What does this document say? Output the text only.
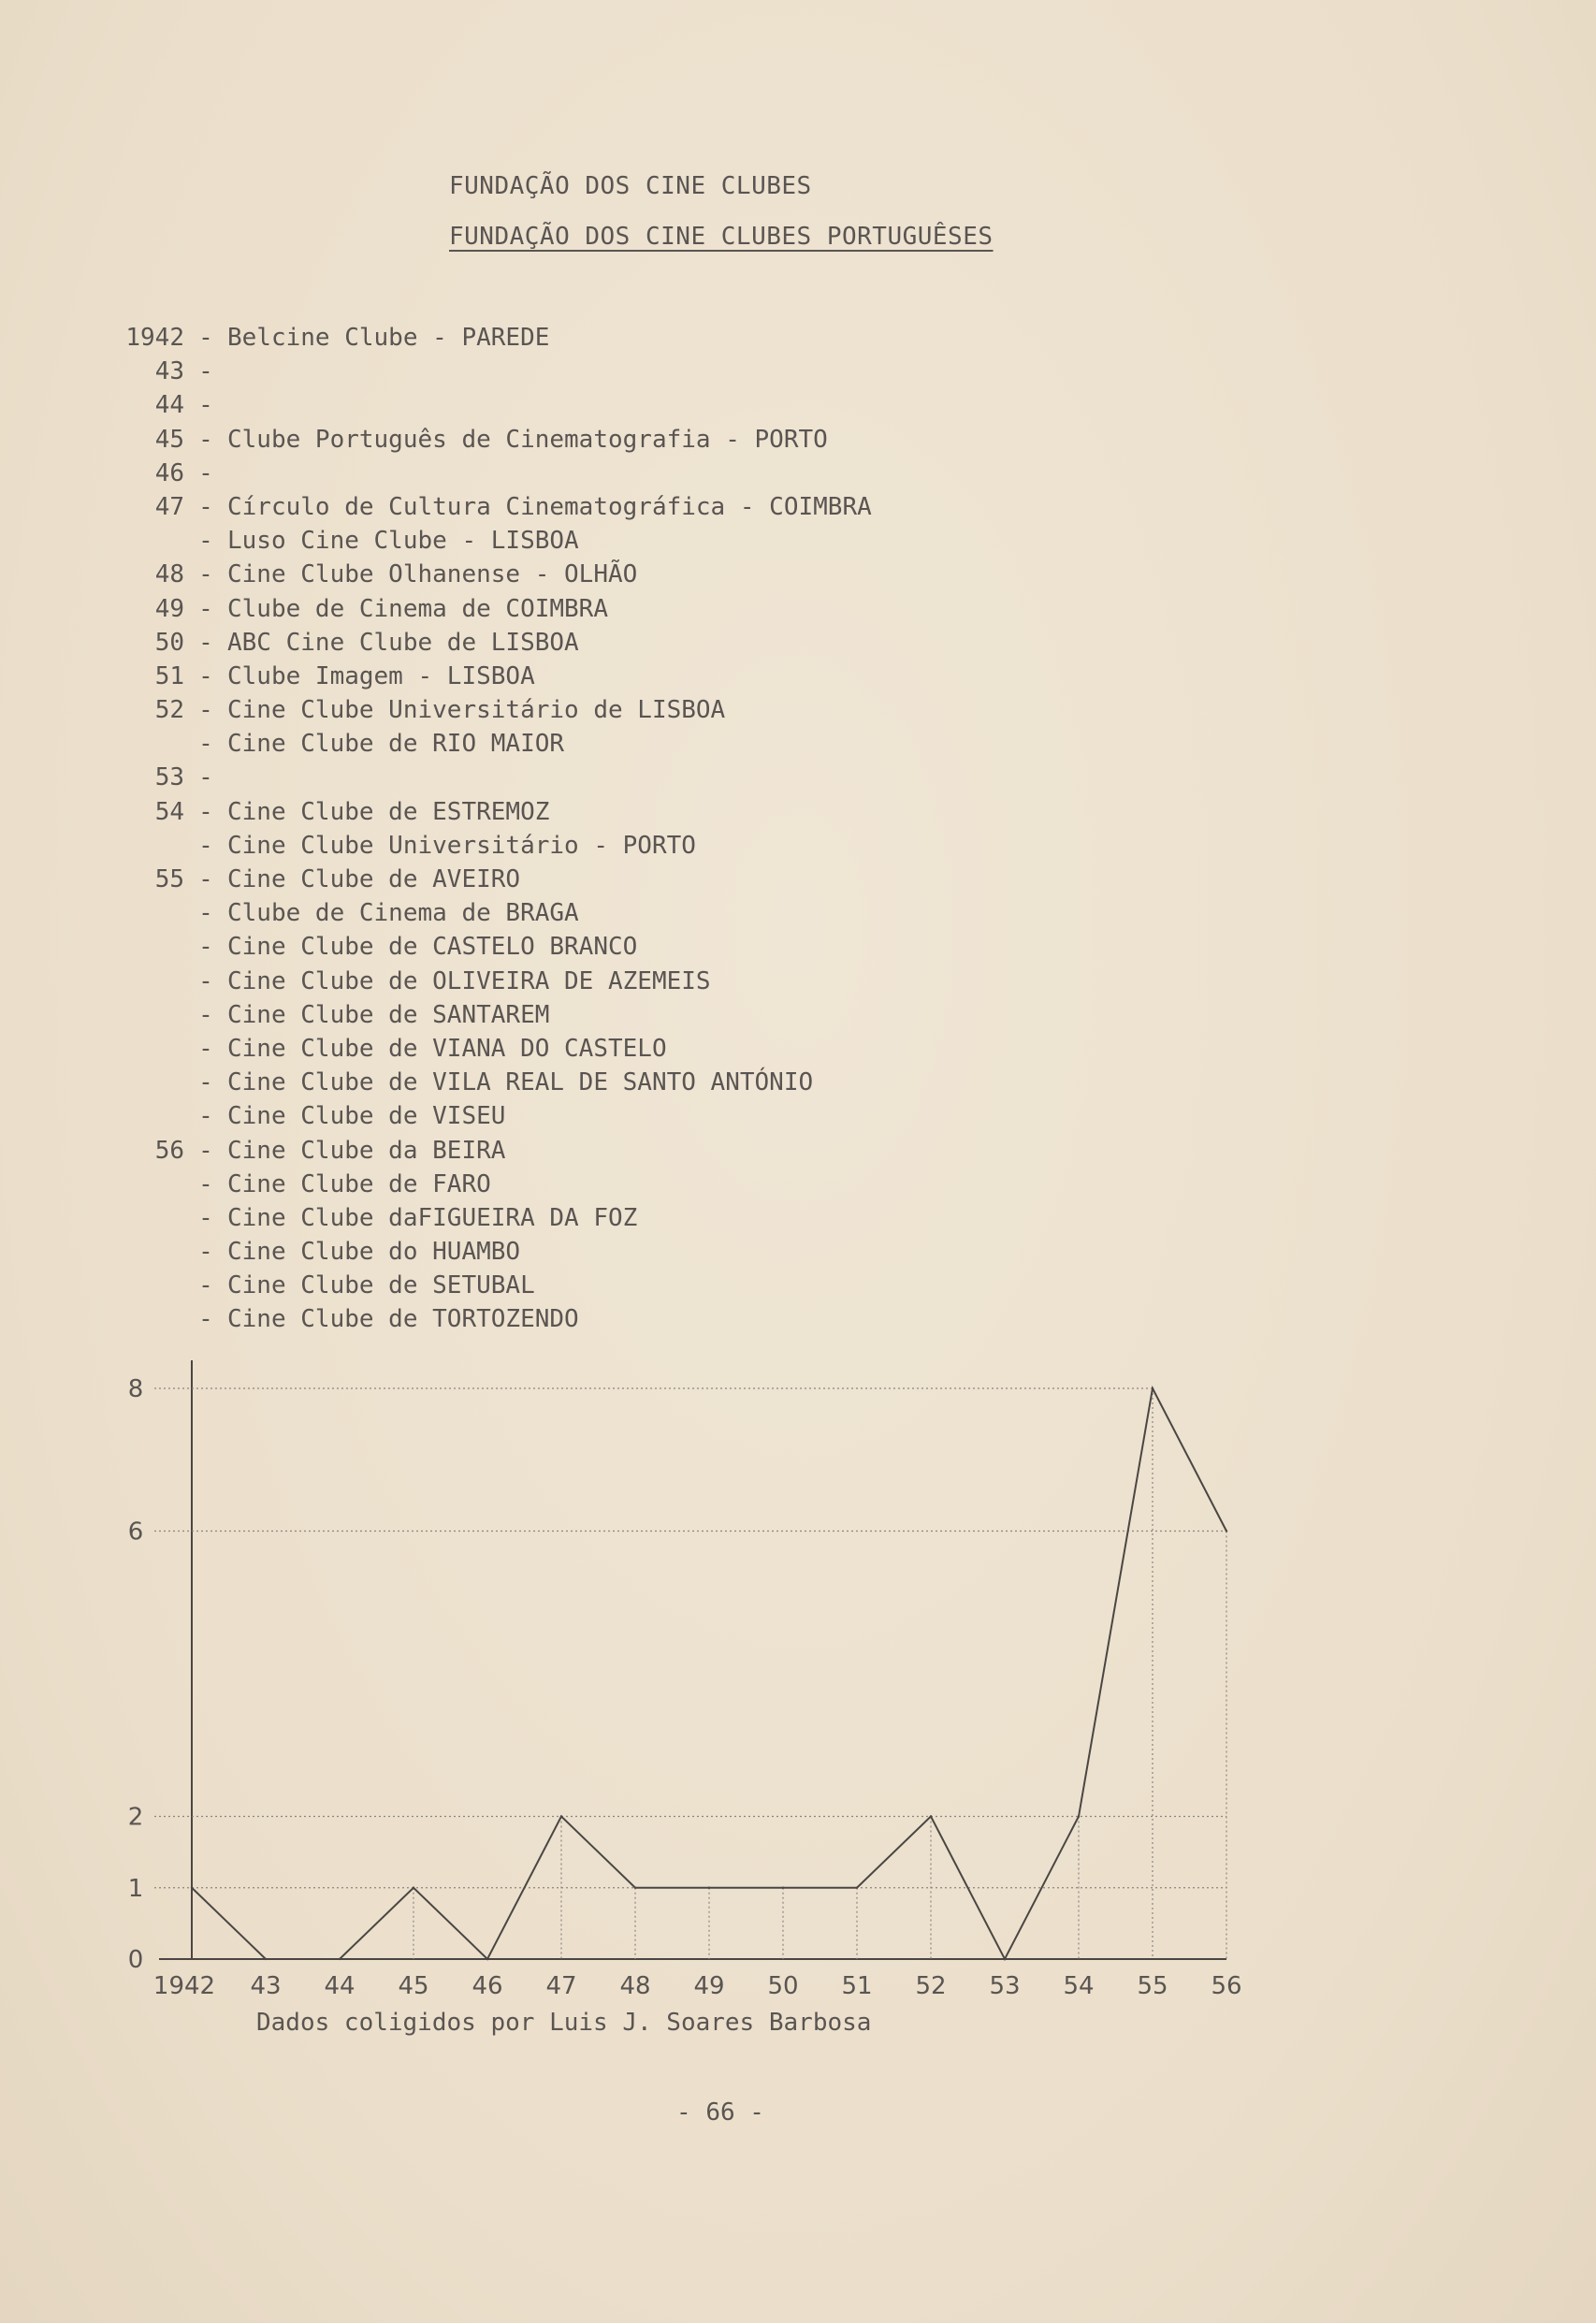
FUNDAÇÃO DOS CINE CLUBES
FUNDAÇÃO DOS CINE CLUBES PORTUGUÊSES
1942 - Belcine Clube - PAREDE
43 -
44 -
45 - Clube Português de Cinematografia - PORTO
46 -
47 - Círculo de Cultura Cinematográfica - COIMBRA
- Luso Cine Clube - LISBOA
48 - Cine Clube Olhanense - OLHÃO
49 - Clube de Cinema de COIMBRA
50 - ABC Cine Clube de LISBOA
51 - Clube Imagem - LISBOA
52 - Cine Clube Universitário de LISBOA
- Cine Clube de RIO MAIOR
53 -
54 - Cine Clube de ESTREMOZ
- Cine Clube Universitário - PORTO
55 - Cine Clube de AVEIRO
- Clube de Cinema de BRAGA
- Cine Clube de CASTELO BRANCO
- Cine Clube de OLIVEIRA DE AZEMEIS
- Cine Clube de SANTAREM
- Cine Clube de VIANA DO CASTELO
- Cine Clube de VILA REAL DE SANTO ANTÓNIO
- Cine Clube de VISEU
56 - Cine Clube da BEIRA
- Cine Clube de FARO
- Cine Clube daFIGUEIRA DA FOZ
- Cine Clube do HUAMBO
- Cine Clube de SETUBAL
- Cine Clube de TORTOZENDO
0
1
2
6
8
1942 43 44 45 46 47 48 49 50 51 52 53 54 55 56
Dados coligidos por Luis J. Soares Barbosa
- 66 -
